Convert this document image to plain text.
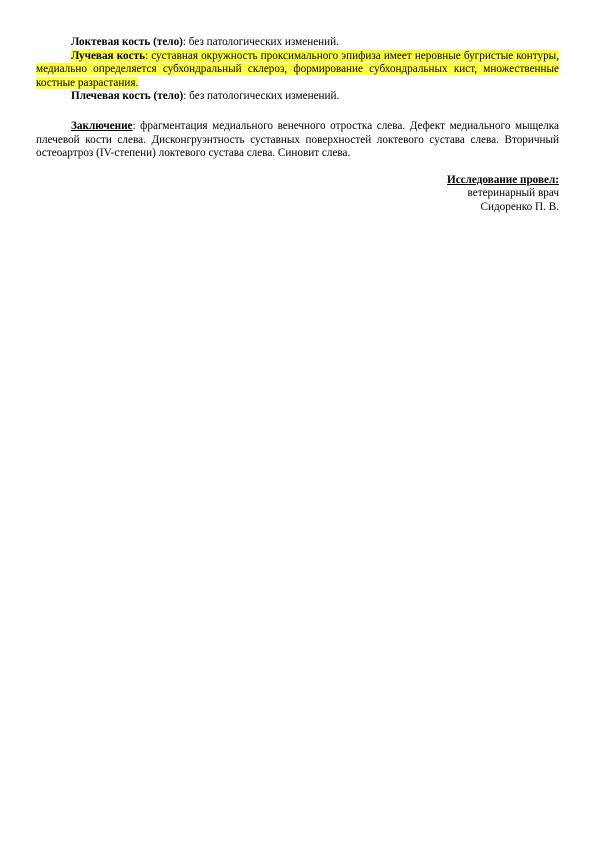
Локтевая кость (тело): без патологических изменений.

Лучевая кость: суставная окружность проксимального эпифиза имеет неровные бугристые контуры, медиально определяется субхондральный склероз, формирование субхондральных кист, множественные костные разрастания.

Плечевая кость (тело): без патологических изменений.

Заключение: фрагментация медиального венечного отростка слева. Дефект медиального мыщелка плечевой кости слева. Дисконгруэнтность суставных поверхностей локтевого сустава слева. Вторичный остеоартроз (IV-степени) локтевого сустава слева. Синовит слева.

Исследование провел:
ветеринарный врач
Сидоренко П. В.
